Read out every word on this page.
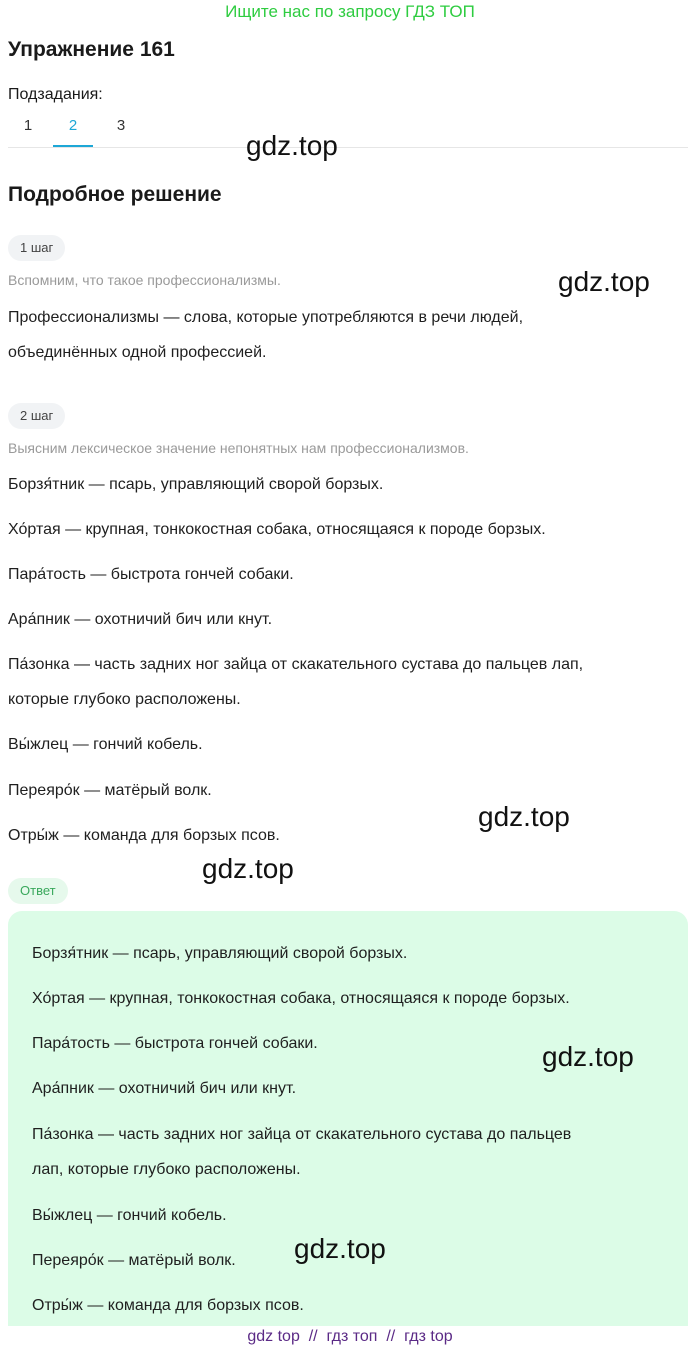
Ищите нас по запросу ГДЗ ТОП
Упражнение 161
Подзадания:
1	2	3
gdz.top
Подробное решение
1 шаг
Вспомним, что такое профессионализмы.	gdz.top
Профессионализмы — слова, которые употребляются в речи людей,
объединённых одной профессией.
2 шаг
Выясним лексическое значение непонятных нам профессионализмов.
Борзя́тник — псарь, управляющий сворой борзых.
Хо́ртая — крупная, тонкокостная собака, относящаяся к породе борзых.
Пара́тость — быстрота гончей собаки.
Ара́пник — охотничий бич или кнут.
Па́зонка — часть задних ног зайца от скакательного сустава до пальцев лап,
которые глубоко расположены.
Вы́жлец — гончий кобель.
Переяро́к — матёрый волк.
gdz.top
Отры́ж — команда для борзых псов.
gdz.top
Ответ
Борзя́тник — псарь, управляющий сворой борзых.
Хо́ртая — крупная, тонкокостная собака, относящаяся к породе борзых.
Пара́тость — быстрота гончей собаки.
Ара́пник — охотничий бич или кнут.
Па́зонка — часть задних ног зайца от скакательного сустава до пальцев
лап, которые глубоко расположены.
Вы́жлец — гончий кобель.
Переяро́к — матёрый волк.
Отры́ж — команда для борзых псов.
gdz.top
gdz.top
gdz top // гдз топ // гдз top
